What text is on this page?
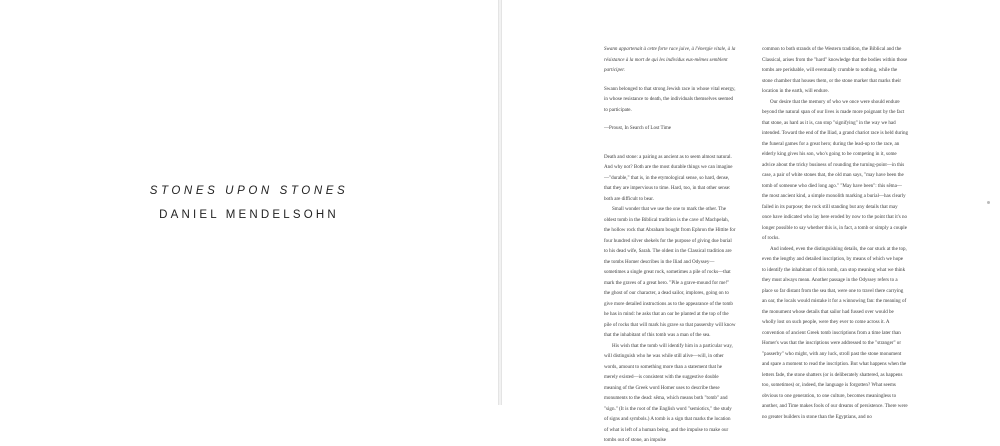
STONES UPON STONES
DANIEL MENDELSOHN

Swann appartenait à cette forte race juive, à l'énergie vitale, à la résistance à la mort de qui les individus eux-mêmes semblent participer.

Swann belonged to that strong Jewish race in whose vital energy, in whose resistance to death, the individuals themselves seemed to participate.

—Proust, In Search of Lost Time

Death and stone: a pairing as ancient as to seem almost natural. And why not? Both are the most durable things we can imagine—"durable," that is, in the etymological sense, so hard, dense, that they are impervious to time. Hard, too, in that other sense: both are difficult to bear.

Small wonder that we use the one to mark the other. The oldest tomb in the Biblical tradition is the cave of Machpelah, the hollow rock that Abraham bought from Ephron the Hittite for four hundred silver shekels for the purpose of giving due burial to his dead wife, Sarah. The oldest in the Classical tradition are the tombs Homer describes in the Iliad and Odyssey—sometimes a single great rock, sometimes a pile of rocks—that mark the graves of a great hero. "Pile a grave-mound for me!" the ghost of our character, a dead sailor, implores, going on to give more detailed instructions as to the appearance of the tomb he has in mind: he asks that an oar be planted at the top of the pile of rocks that will mark his grave so that passersby will know that the inhabitant of this tomb was a man of the sea.

His wish that the tomb will identify him in a particular way, will distinguish who he was while still alive—will, in other words, amount to something more than a statement that he merely existed—is consistent with the suggestive double meaning of the Greek word Homer uses to describe these monuments to the dead: sêma, which means both "tomb" and "sign." (It is the root of the English word "semiotics," the study of signs and symbols.) A tomb is a sign that marks the location of what is left of a human being, and the impulse to make our tombs out of stone, an impulse

common to both strands of the Western tradition, the Biblical and the Classical, arises from the "hard" knowledge that the bodies within those tombs are perishable, will eventually crumble to nothing, while the stone chamber that houses them, or the stone marker that marks their location in the earth, will endure.

Our desire that the memory of who we once were should endure beyond the natural span of our lives is made more poignant by the fact that stone, as hard as it is, can stop "signifying" in the way we had intended. Toward the end of the Iliad, a grand chariot race is held during the funeral games for a great hero; during the lead-up to the race, an elderly king gives his son, who's going to be competing in it, some advice about the tricky business of rounding the turning-point—in this case, a pair of white stones that, the old man says, "may have been the tomb of someone who died long ago." "May have been": this sêma—the most ancient kind, a simple monolith marking a burial—has clearly failed in its purpose; the rock still standing but any details that may once have indicated who lay here eroded by now to the point that it's no longer possible to say whether this is, in fact, a tomb or simply a couple of rocks.

And indeed, even the distinguishing details, the oar stuck at the top, even the lengthy and detailed inscription, by means of which we hope to identify the inhabitant of this tomb, can stop meaning what we think they must always mean. Another passage in the Odyssey refers to a place so far distant from the sea that, were one to travel there carrying an oar, the locals would mistake it for a winnowing fan: the meaning of the monument whose details that sailor had fussed over would be wholly lost on such people, were they ever to come across it. A convention of ancient Greek tomb inscriptions from a time later than Homer's was that the inscriptions were addressed to the "stranger" or "passerby" who might, with any luck, stroll past the stone monument and spare a moment to read the inscription. But what happens when the letters fade, the stone shatters (or is deliberately shattered, as happens too, sometimes) or, indeed, the language is forgotten? What seems obvious to one generation, to one culture, becomes meaningless to another, and Time makes fools of our dreams of persistence. There were no greater builders in stone than the Egyptians, and no
